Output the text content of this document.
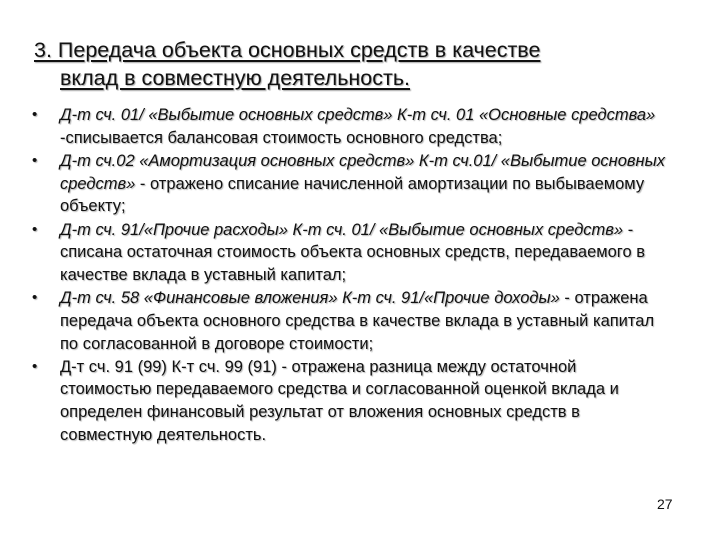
3. Передача объекта основных средств в качестве
вклад в совместную деятельность.
•	Д-т сч. 01/ «Выбытие основных средств» К-т сч. 01 «Основные средства» -списывается балансовая стоимость основного средства;
•	Д-т сч.02 «Амортизация основных средств» К-т сч.01/ «Выбытие основных средств» - отражено списание начисленной амортизации по выбываемому объекту;
•	Д-т сч. 91/«Прочие расходы» К-т сч. 01/ «Выбытие основных средств» - списана остаточная стоимость объекта основных средств, передаваемого в качестве вклада в уставный капитал;
•	Д-т сч. 58 «Финансовые вложения» К-т сч. 91/«Прочие доходы» - отражена передача объекта основного средства в качестве вклада в уставный капитал по согласованной в договоре стоимости;
•	Д-т сч. 91 (99) К-т сч. 99 (91) - отражена разница между остаточной стоимостью передаваемого средства и согласованной оценкой вклада и определен финансовый результат от вложения основных средств в совместную деятельность.
27
